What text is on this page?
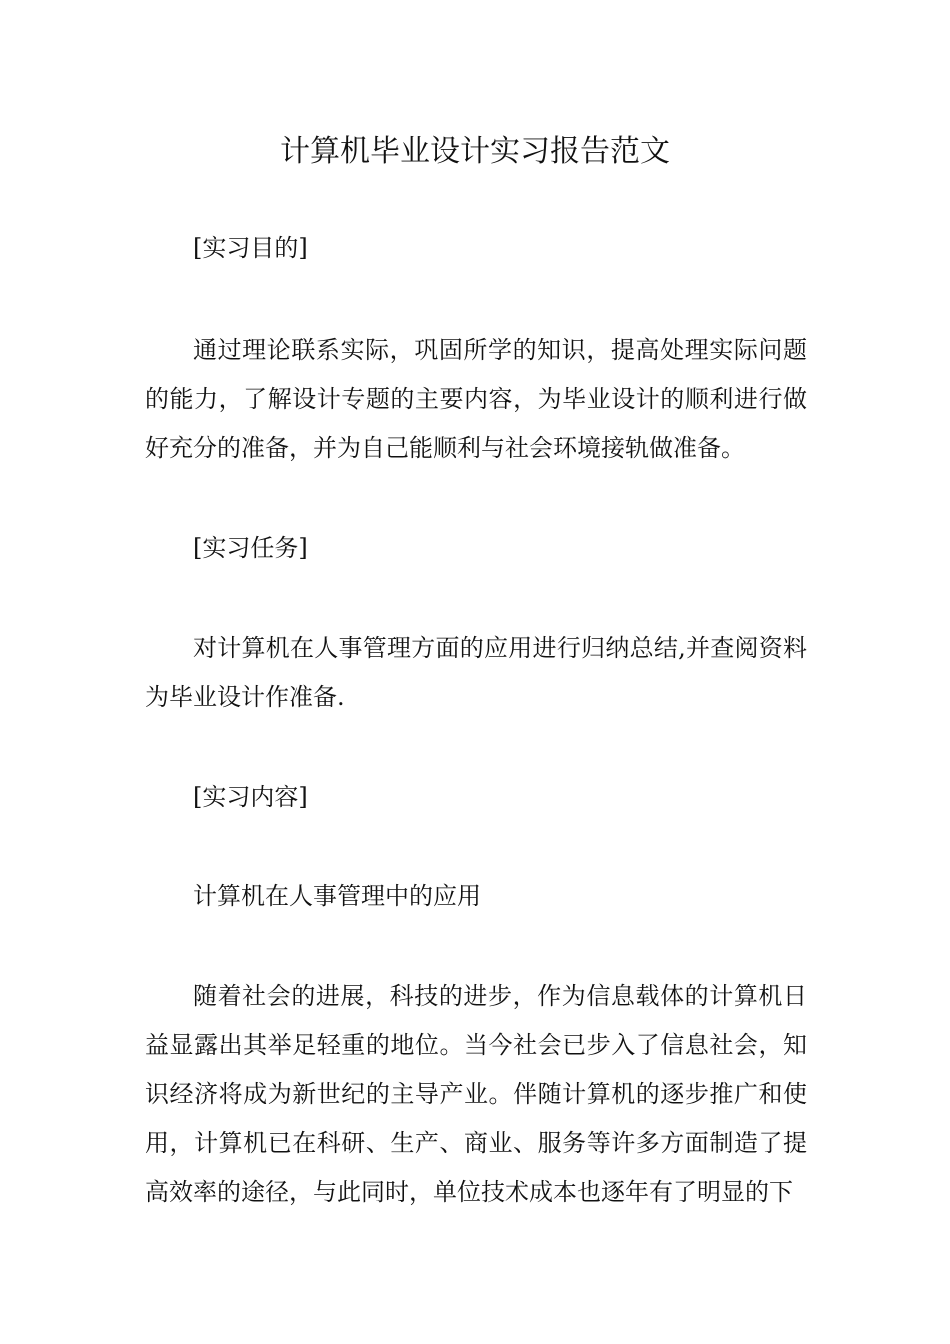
计算机毕业设计实习报告范文

[实习目的]

通过理论联系实际，巩固所学的知识，提高处理实际问题的能力，了解设计专题的主要内容，为毕业设计的顺利进行做好充分的准备，并为自己能顺利与社会环境接轨做准备。

[实习任务]

对计算机在人事管理方面的应用进行归纳总结,并查阅资料为毕业设计作准备.

[实习内容]

计算机在人事管理中的应用

随着社会的进展，科技的进步，作为信息载体的计算机日益显露出其举足轻重的地位。当今社会已步入了信息社会，知识经济将成为新世纪的主导产业。伴随计算机的逐步推广和使用，计算机已在科研、生产、商业、服务等许多方面制造了提高效率的途径，与此同时，单位技术成本也逐年有了明显的下
